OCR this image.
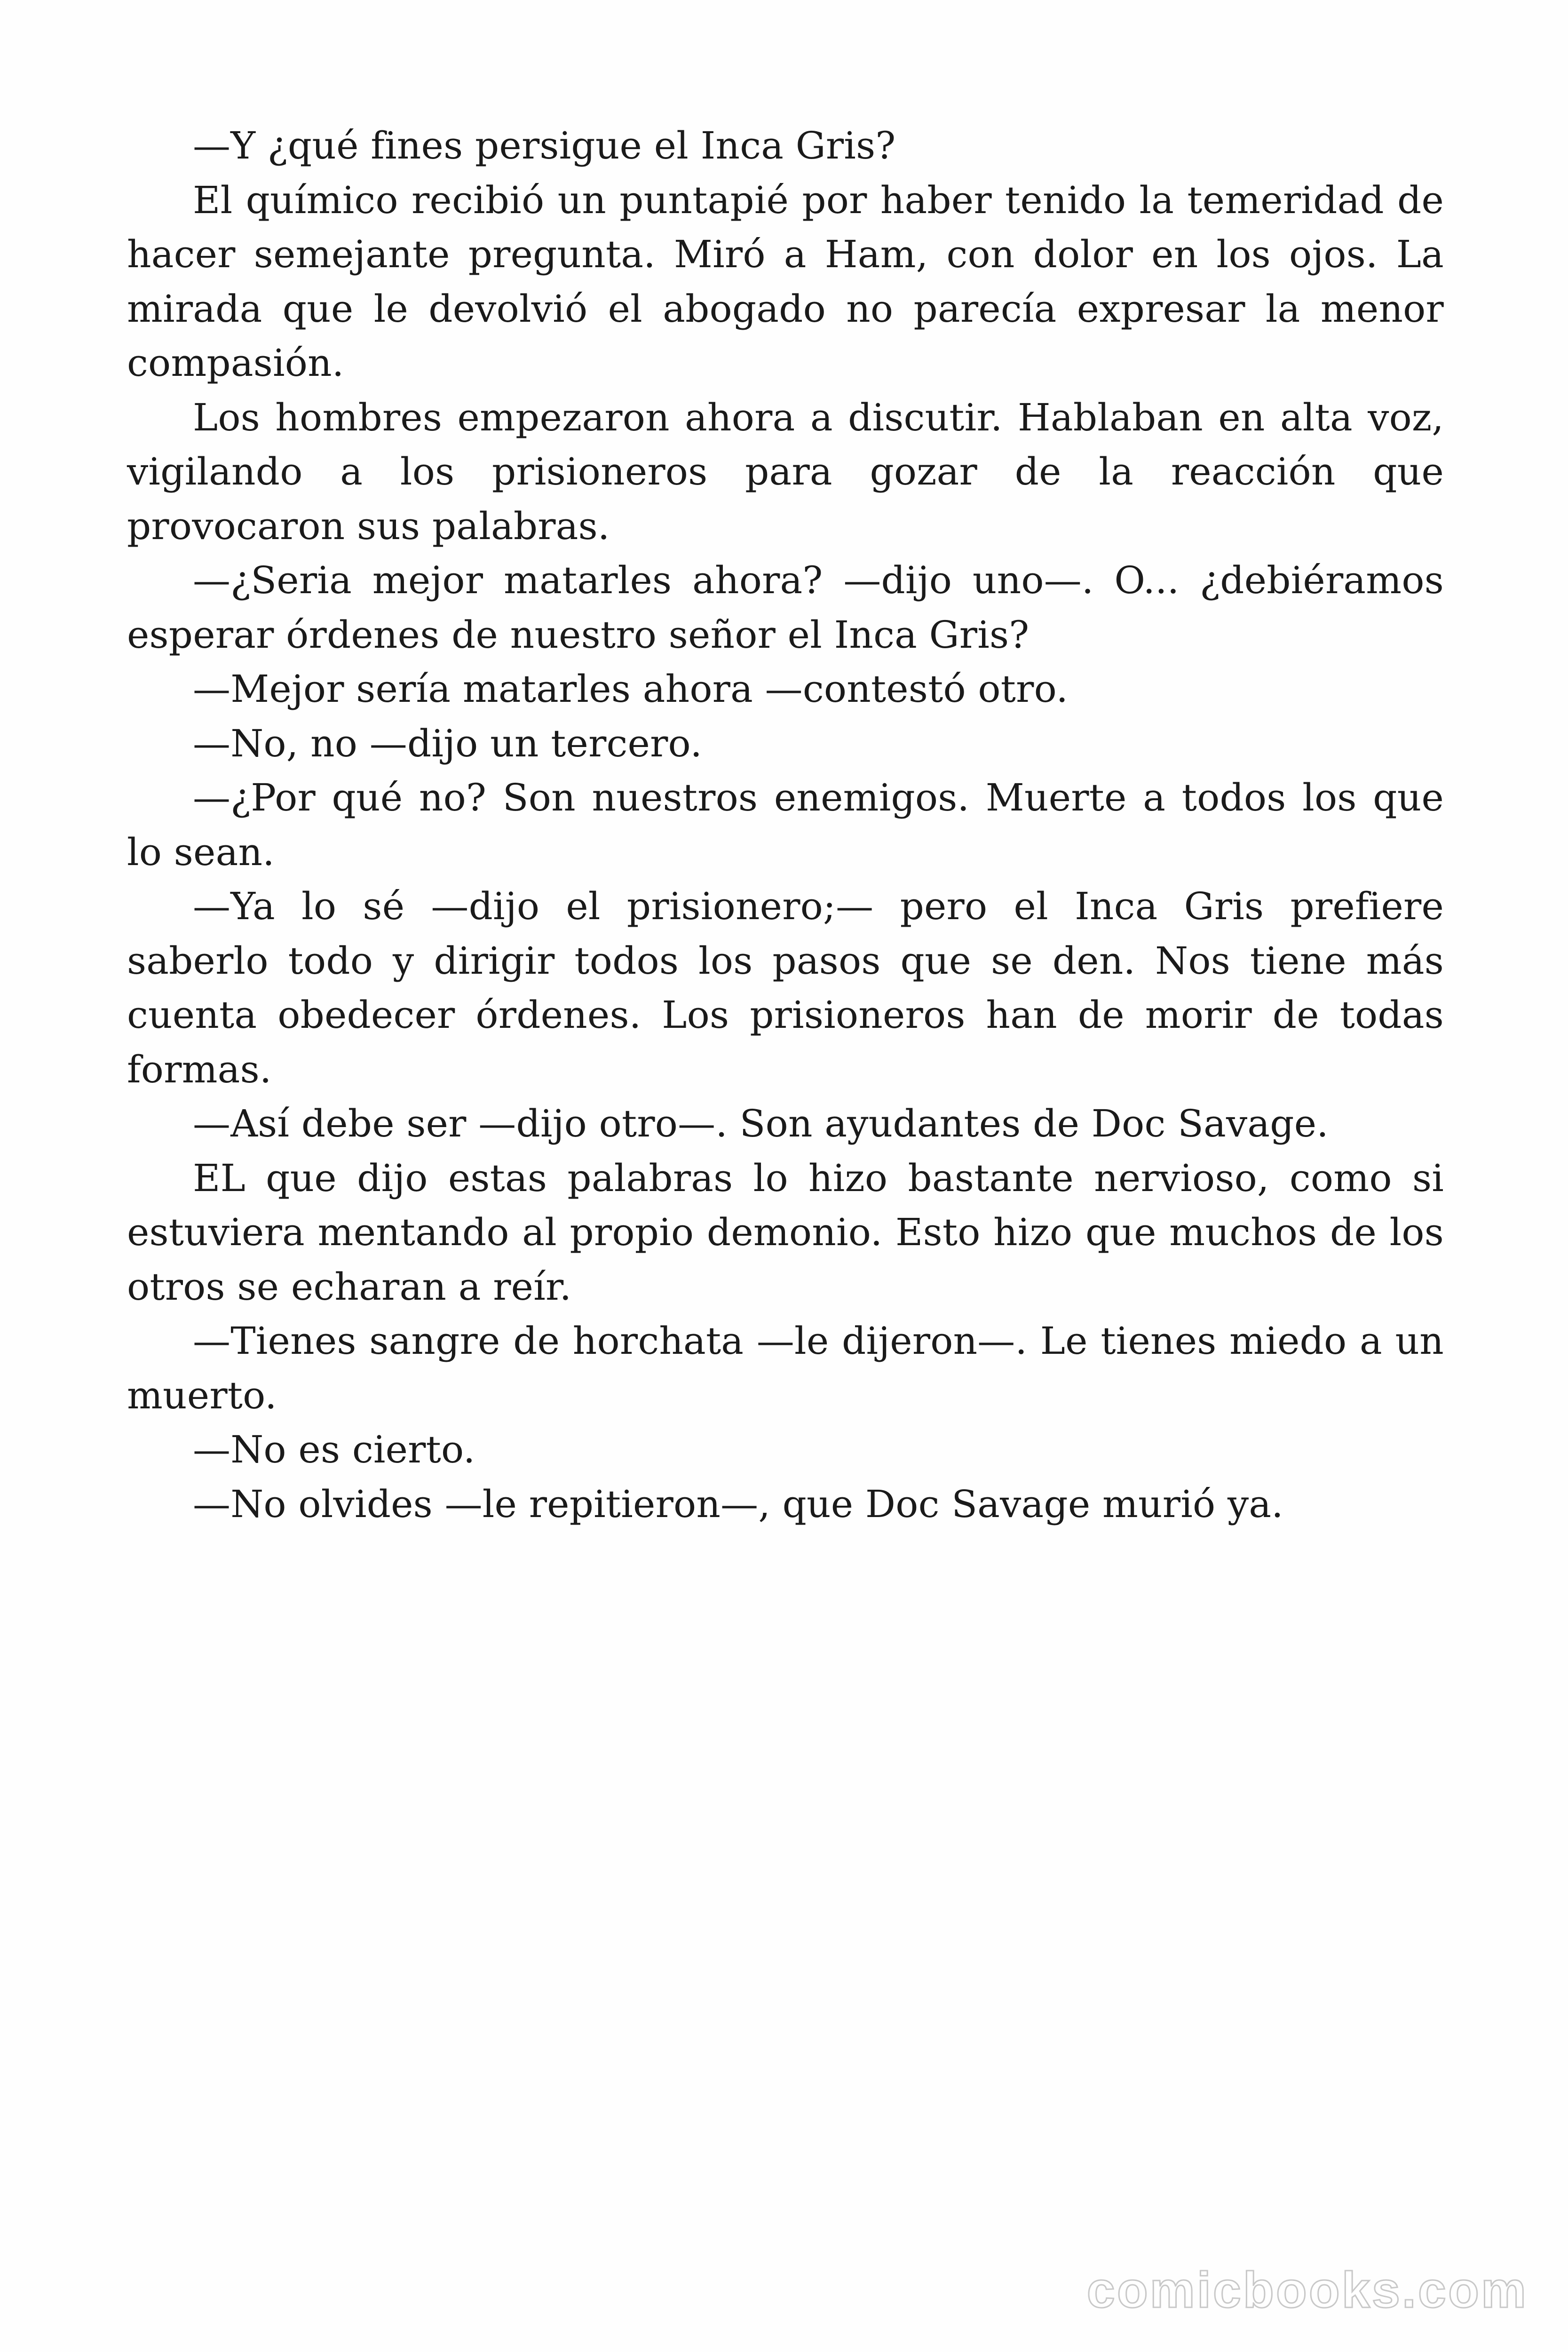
—Y ¿qué fines persigue el Inca Gris?

El químico recibió un puntapié por haber tenido la temeridad de hacer semejante pregunta. Miró a Ham, con dolor en los ojos. La mirada que le devolvió el abogado no parecía expresar la menor compasión.

Los hombres empezaron ahora a discutir. Hablaban en alta voz, vigilando a los prisioneros para gozar de la reacción que provocaron sus palabras.

—¿Seria mejor matarles ahora? —dijo uno—. O... ¿debiéramos esperar órdenes de nuestro señor el Inca Gris?

—Mejor sería matarles ahora —contestó otro.

—No, no —dijo un tercero.

—¿Por qué no? Son nuestros enemigos. Muerte a todos los que lo sean.

—Ya lo sé —dijo el prisionero;— pero el Inca Gris prefiere saberlo todo y dirigir todos los pasos que se den. Nos tiene más cuenta obedecer órdenes. Los prisioneros han de morir de todas formas.

—Así debe ser —dijo otro—. Son ayudantes de Doc Savage.

EL que dijo estas palabras lo hizo bastante nervioso, como si estuviera mentando al propio demonio. Esto hizo que muchos de los otros se echaran a reír.

—Tienes sangre de horchata —le dijeron—. Le tienes miedo a un muerto.

—No es cierto.

—No olvides —le repitieron—, que Doc Savage murió ya.

comicbooks.com
